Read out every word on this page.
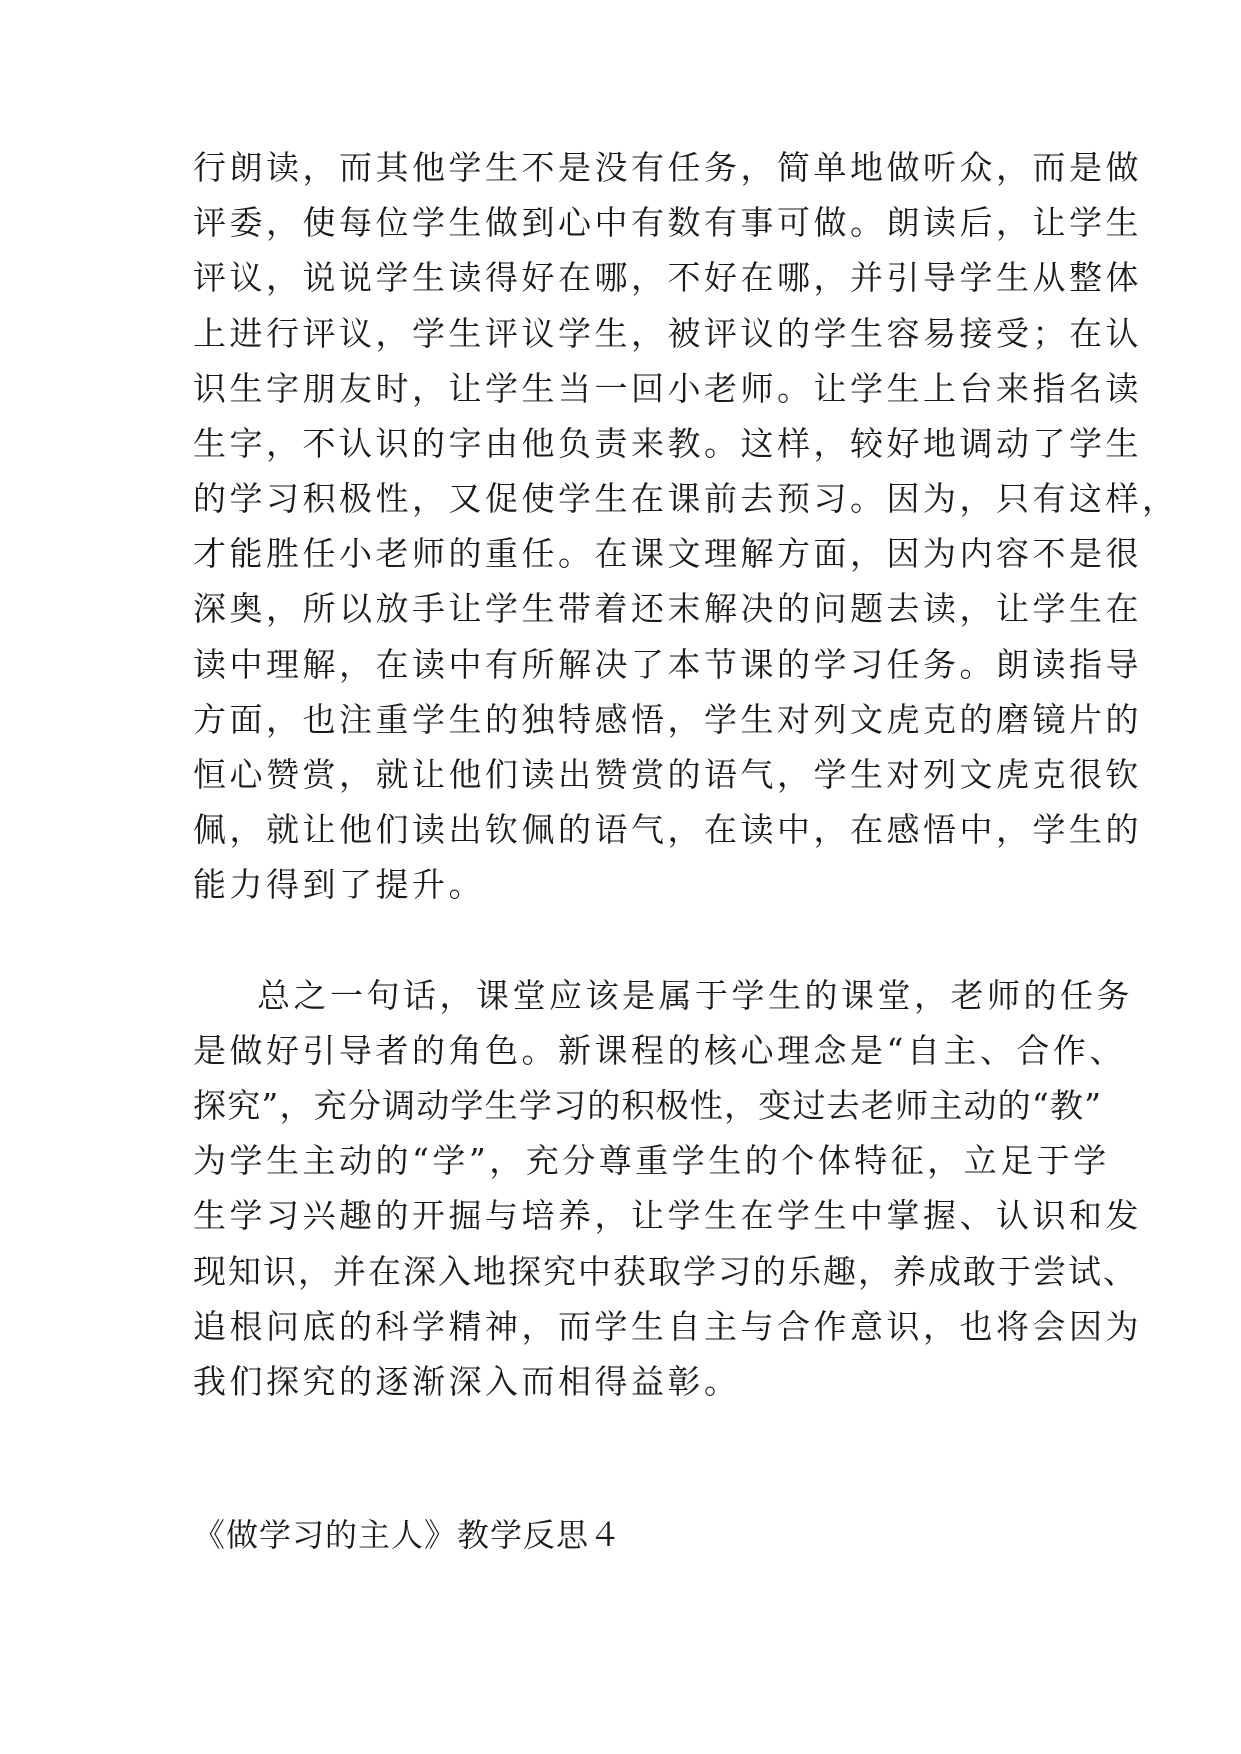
行朗读，而其他学生不是没有任务，简单地做听众，而是做
评委，使每位学生做到心中有数有事可做。朗读后，让学生
评议，说说学生读得好在哪，不好在哪，并引导学生从整体
上进行评议，学生评议学生，被评议的学生容易接受；在认
识生字朋友时，让学生当一回小老师。让学生上台来指名读
生字，不认识的字由他负责来教。这样，较好地调动了学生
的学习积极性，又促使学生在课前去预习。因为，只有这样，
才能胜任小老师的重任。在课文理解方面，因为内容不是很
深奥，所以放手让学生带着还末解决的问题去读，让学生在
读中理解，在读中有所解决了本节课的学习任务。朗读指导
方面，也注重学生的独特感悟，学生对列文虎克的磨镜片的
恒心赞赏，就让他们读出赞赏的语气，学生对列文虎克很钦
佩，就让他们读出钦佩的语气，在读中，在感悟中，学生的
能力得到了提升。
总之一句话，课堂应该是属于学生的课堂，老师的任务
是做好引导者的角色。新课程的核心理念是“自主、合作、
探究”，充分调动学生学习的积极性，变过去老师主动的“教”
为学生主动的“学”，充分尊重学生的个体特征，立足于学
生学习兴趣的开掘与培养，让学生在学生中掌握、认识和发
现知识，并在深入地探究中获取学习的乐趣，养成敢于尝试、
追根问底的科学精神，而学生自主与合作意识，也将会因为
我们探究的逐渐深入而相得益彰。
《做学习的主人》教学反思４
